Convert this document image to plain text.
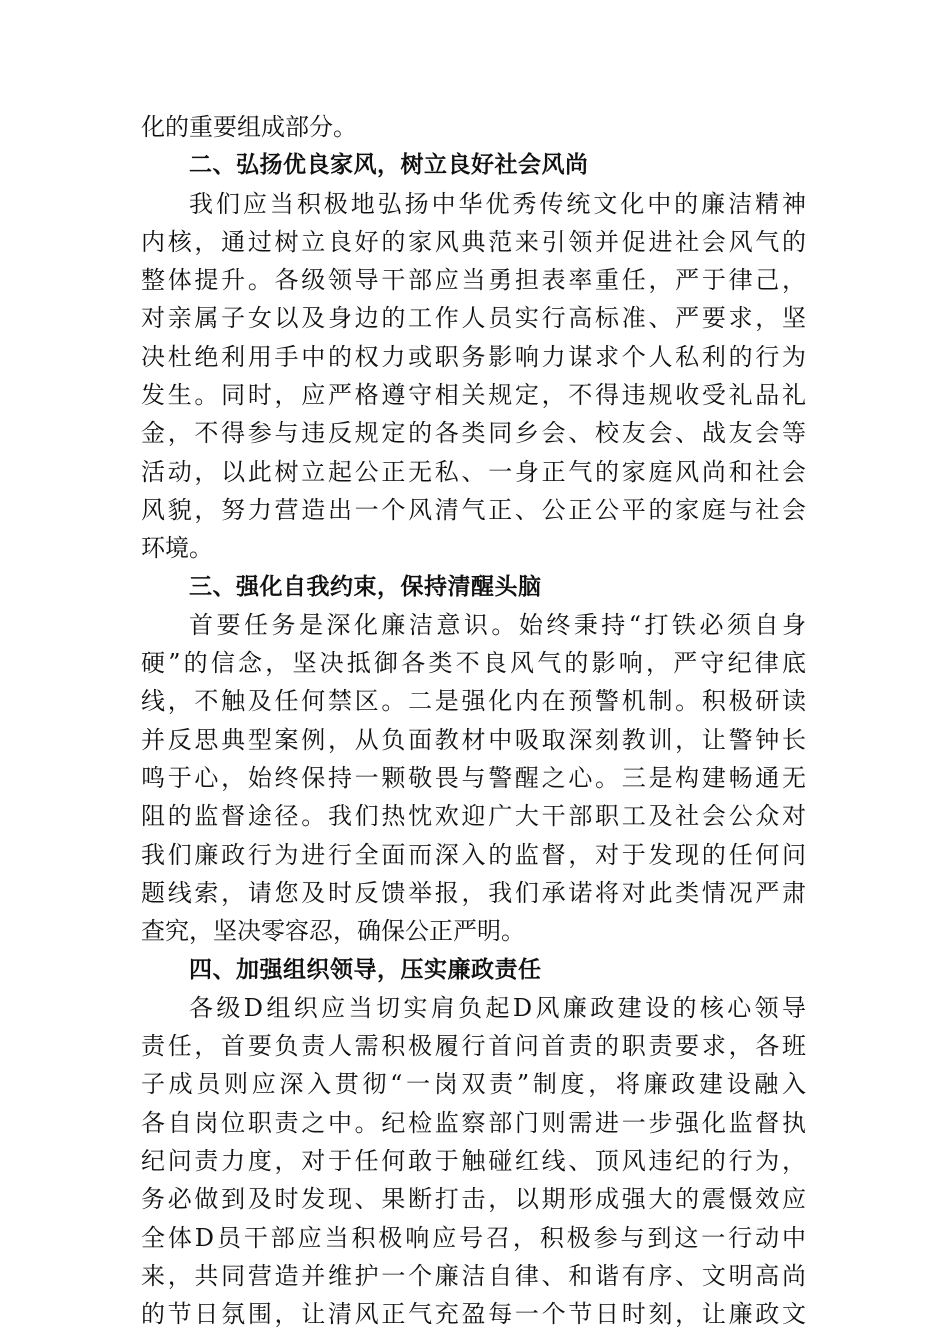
化的重要组成部分。
二、弘扬优良家风，树立良好社会风尚
我们应当积极地弘扬中华优秀传统文化中的廉洁精神
内核，通过树立良好的家风典范来引领并促进社会风气的
整体提升。各级领导干部应当勇担表率重任，严于律己，
对亲属子女以及身边的工作人员实行高标准、严要求，坚
决杜绝利用手中的权力或职务影响力谋求个人私利的行为
发生。同时，应严格遵守相关规定，不得违规收受礼品礼
金，不得参与违反规定的各类同乡会、校友会、战友会等
活动，以此树立起公正无私、一身正气的家庭风尚和社会
风貌，努力营造出一个风清气正、公正公平的家庭与社会
环境。
三、强化自我约束，保持清醒头脑
首要任务是深化廉洁意识。始终秉持“打铁必须自身
硬”的信念，坚决抵御各类不良风气的影响，严守纪律底
线，不触及任何禁区。二是强化内在预警机制。积极研读
并反思典型案例，从负面教材中吸取深刻教训，让警钟长
鸣于心，始终保持一颗敬畏与警醒之心。三是构建畅通无
阻的监督途径。我们热忱欢迎广大干部职工及社会公众对
我们廉政行为进行全面而深入的监督，对于发现的任何问
题线索，请您及时反馈举报，我们承诺将对此类情况严肃
查究，坚决零容忍，确保公正严明。
四、加强组织领导，压实廉政责任
各级D组织应当切实肩负起D风廉政建设的核心领导
责任，首要负责人需积极履行首问首责的职责要求，各班
子成员则应深入贯彻“一岗双责”制度，将廉政建设融入
各自岗位职责之中。纪检监察部门则需进一步强化监督执
纪问责力度，对于任何敢于触碰红线、顶风违纪的行为，
务必做到及时发现、果断打击，以期形成强大的震慑效应
全体D员干部应当积极响应号召，积极参与到这一行动中
来，共同营造并维护一个廉洁自律、和谐有序、文明高尚
的节日氛围，让清风正气充盈每一个节日时刻，让廉政文
